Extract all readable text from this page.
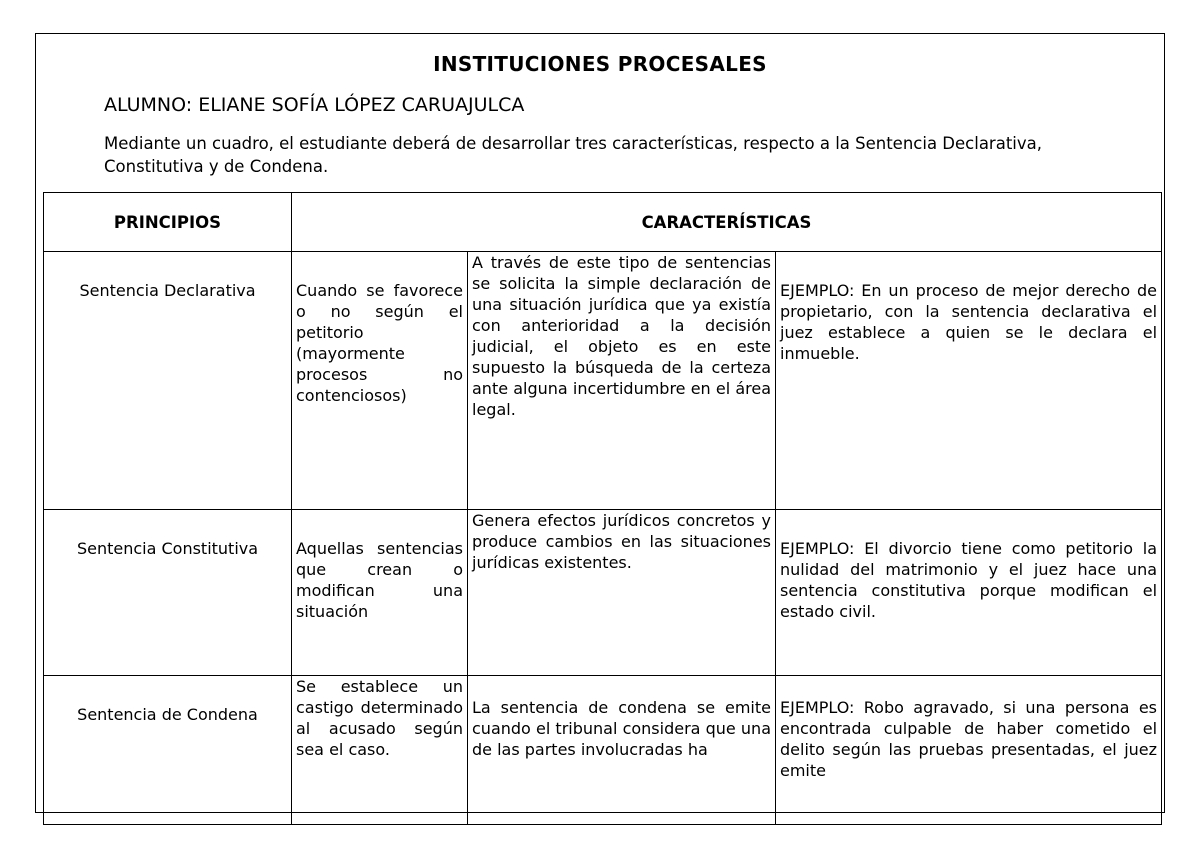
INSTITUCIONES PROCESALES
ALUMNO: ELIANE SOFÍA LÓPEZ CARUAJULCA
Mediante un cuadro, el estudiante deberá de desarrollar tres características, respecto a la Sentencia Declarativa, Constitutiva y de Condena.
PRINCIPIOS	CARACTERÍSTICAS		
Sentencia Declarativa	Cuando se favorece o no según el petitorio (mayormente procesos no contenciosos)	A través de este tipo de sentencias se solicita la simple declaración de una situación jurídica que ya existía con anterioridad a la decisión judicial, el objeto es en este supuesto la búsqueda de la certeza ante alguna incertidumbre en el área legal.	EJEMPLO: En un proceso de mejor derecho de propietario, con la sentencia declarativa el juez establece a quien se le declara el inmueble.
Sentencia Constitutiva	Aquellas sentencias que crean o modifican una situación	Genera efectos jurídicos concretos y produce cambios en las situaciones jurídicas existentes.	EJEMPLO: El divorcio tiene como petitorio la nulidad del matrimonio y el juez hace una sentencia constitutiva porque modifican el estado civil.
Sentencia de Condena	Se establece un castigo determinado al acusado según sea el caso.	La sentencia de condena se emite cuando el tribunal considera que una de las partes involucradas ha	EJEMPLO: Robo agravado, si una persona es encontrada culpable de haber cometido el delito según las pruebas presentadas, el juez emite
